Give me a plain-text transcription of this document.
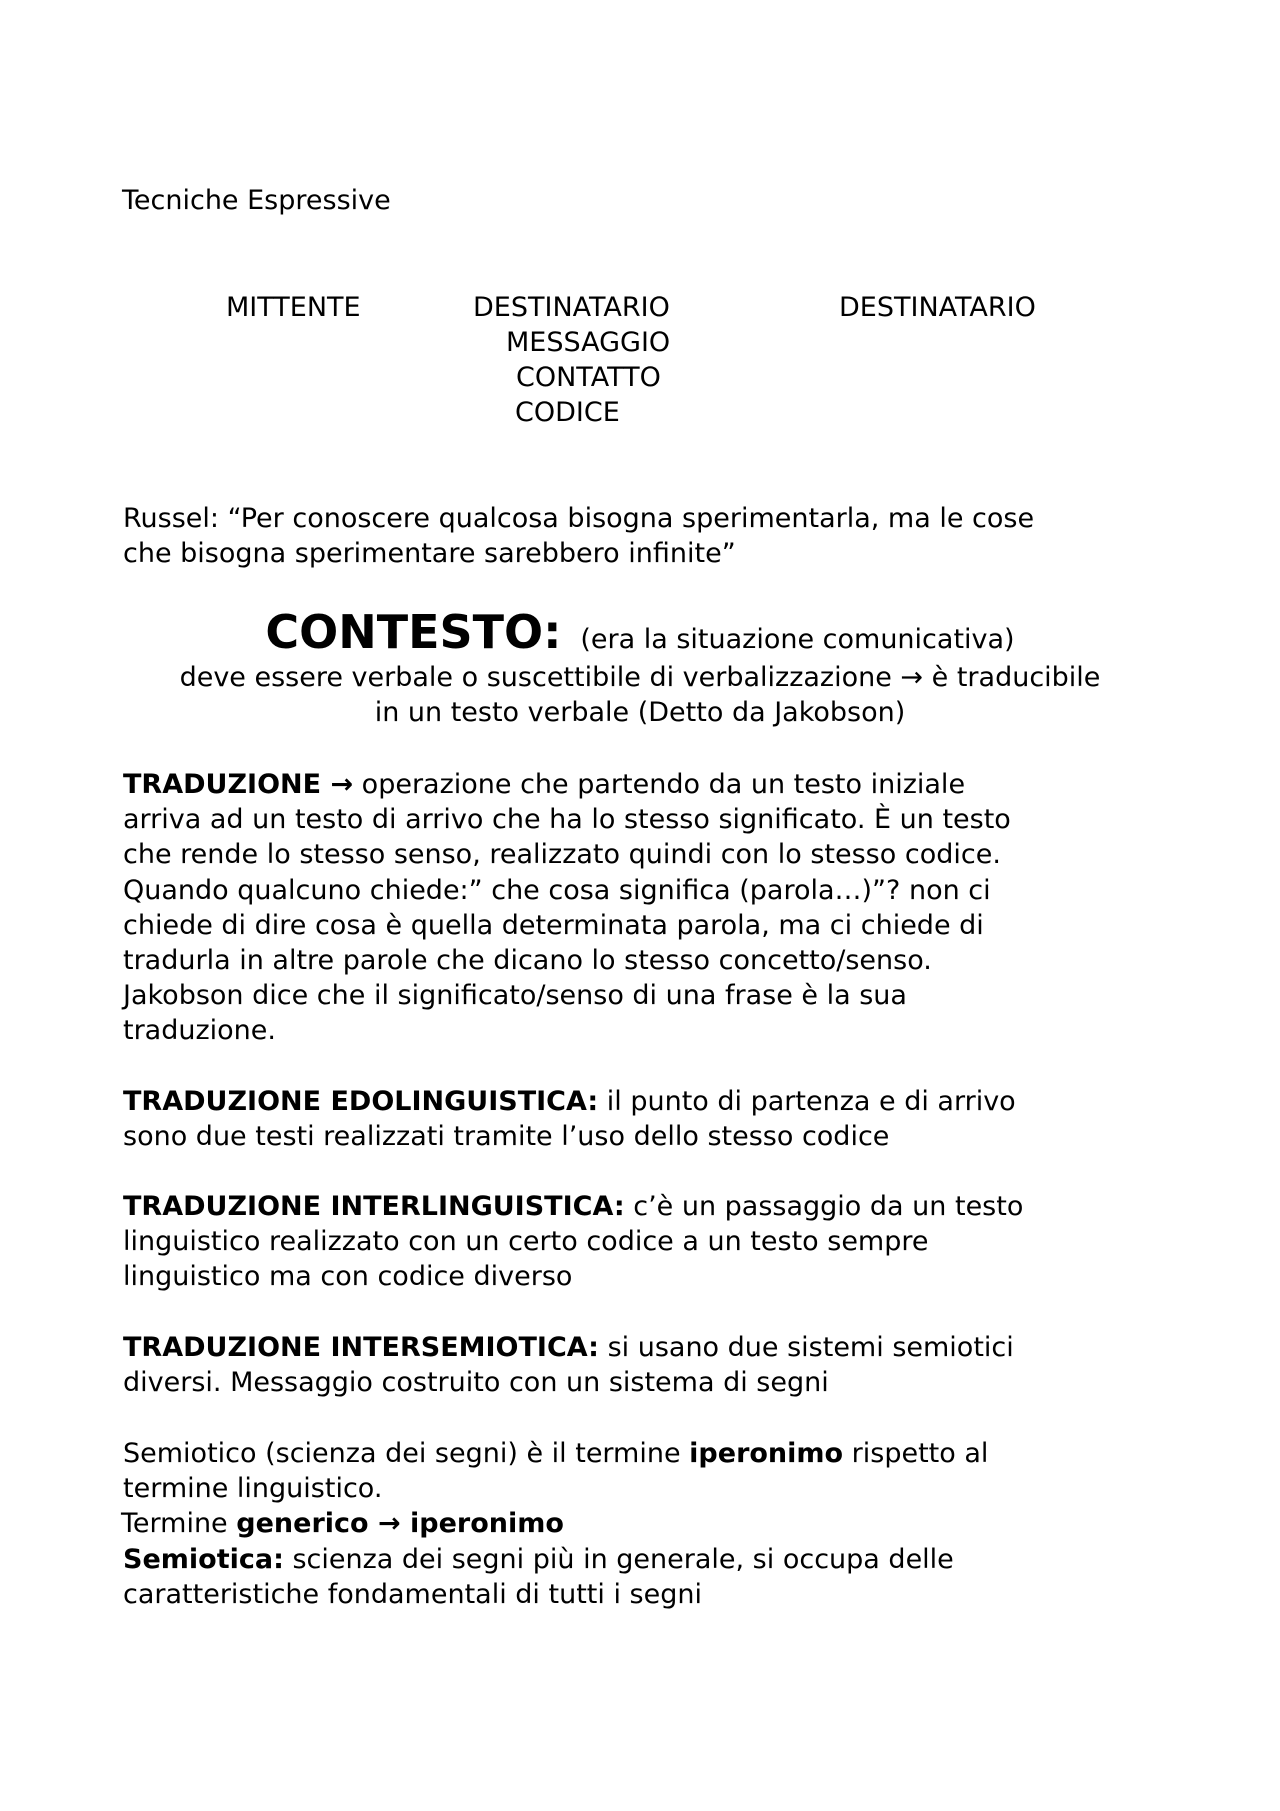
Tecniche Espressive
MITTENTE	DESTINATARIO	DESTINATARIO
MESSAGGIO
CONTATTO
CODICE
Russel: “Per conoscere qualcosa bisogna sperimentarla, ma le cose
che bisogna sperimentare sarebbero infinite”
CONTESTO: (era la situazione comunicativa)
deve essere verbale o suscettibile di verbalizzazione → è traducibile
in un testo verbale (Detto da Jakobson)
TRADUZIONE → operazione che partendo da un testo iniziale
arriva ad un testo di arrivo che ha lo stesso significato. È un testo
che rende lo stesso senso, realizzato quindi con lo stesso codice.
Quando qualcuno chiede:” che cosa significa (parola…)”? non ci
chiede di dire cosa è quella determinata parola, ma ci chiede di
tradurla in altre parole che dicano lo stesso concetto/senso.
Jakobson dice che il significato/senso di una frase è la sua
traduzione.
TRADUZIONE EDOLINGUISTICA: il punto di partenza e di arrivo
sono due testi realizzati tramite l’uso dello stesso codice
TRADUZIONE INTERLINGUISTICA: c’è un passaggio da un testo
linguistico realizzato con un certo codice a un testo sempre
linguistico ma con codice diverso
TRADUZIONE INTERSEMIOTICA: si usano due sistemi semiotici
diversi. Messaggio costruito con un sistema di segni
Semiotico (scienza dei segni) è il termine iperonimo rispetto al
termine linguistico.
Termine generico → iperonimo
Semiotica: scienza dei segni più in generale, si occupa delle
caratteristiche fondamentali di tutti i segni
